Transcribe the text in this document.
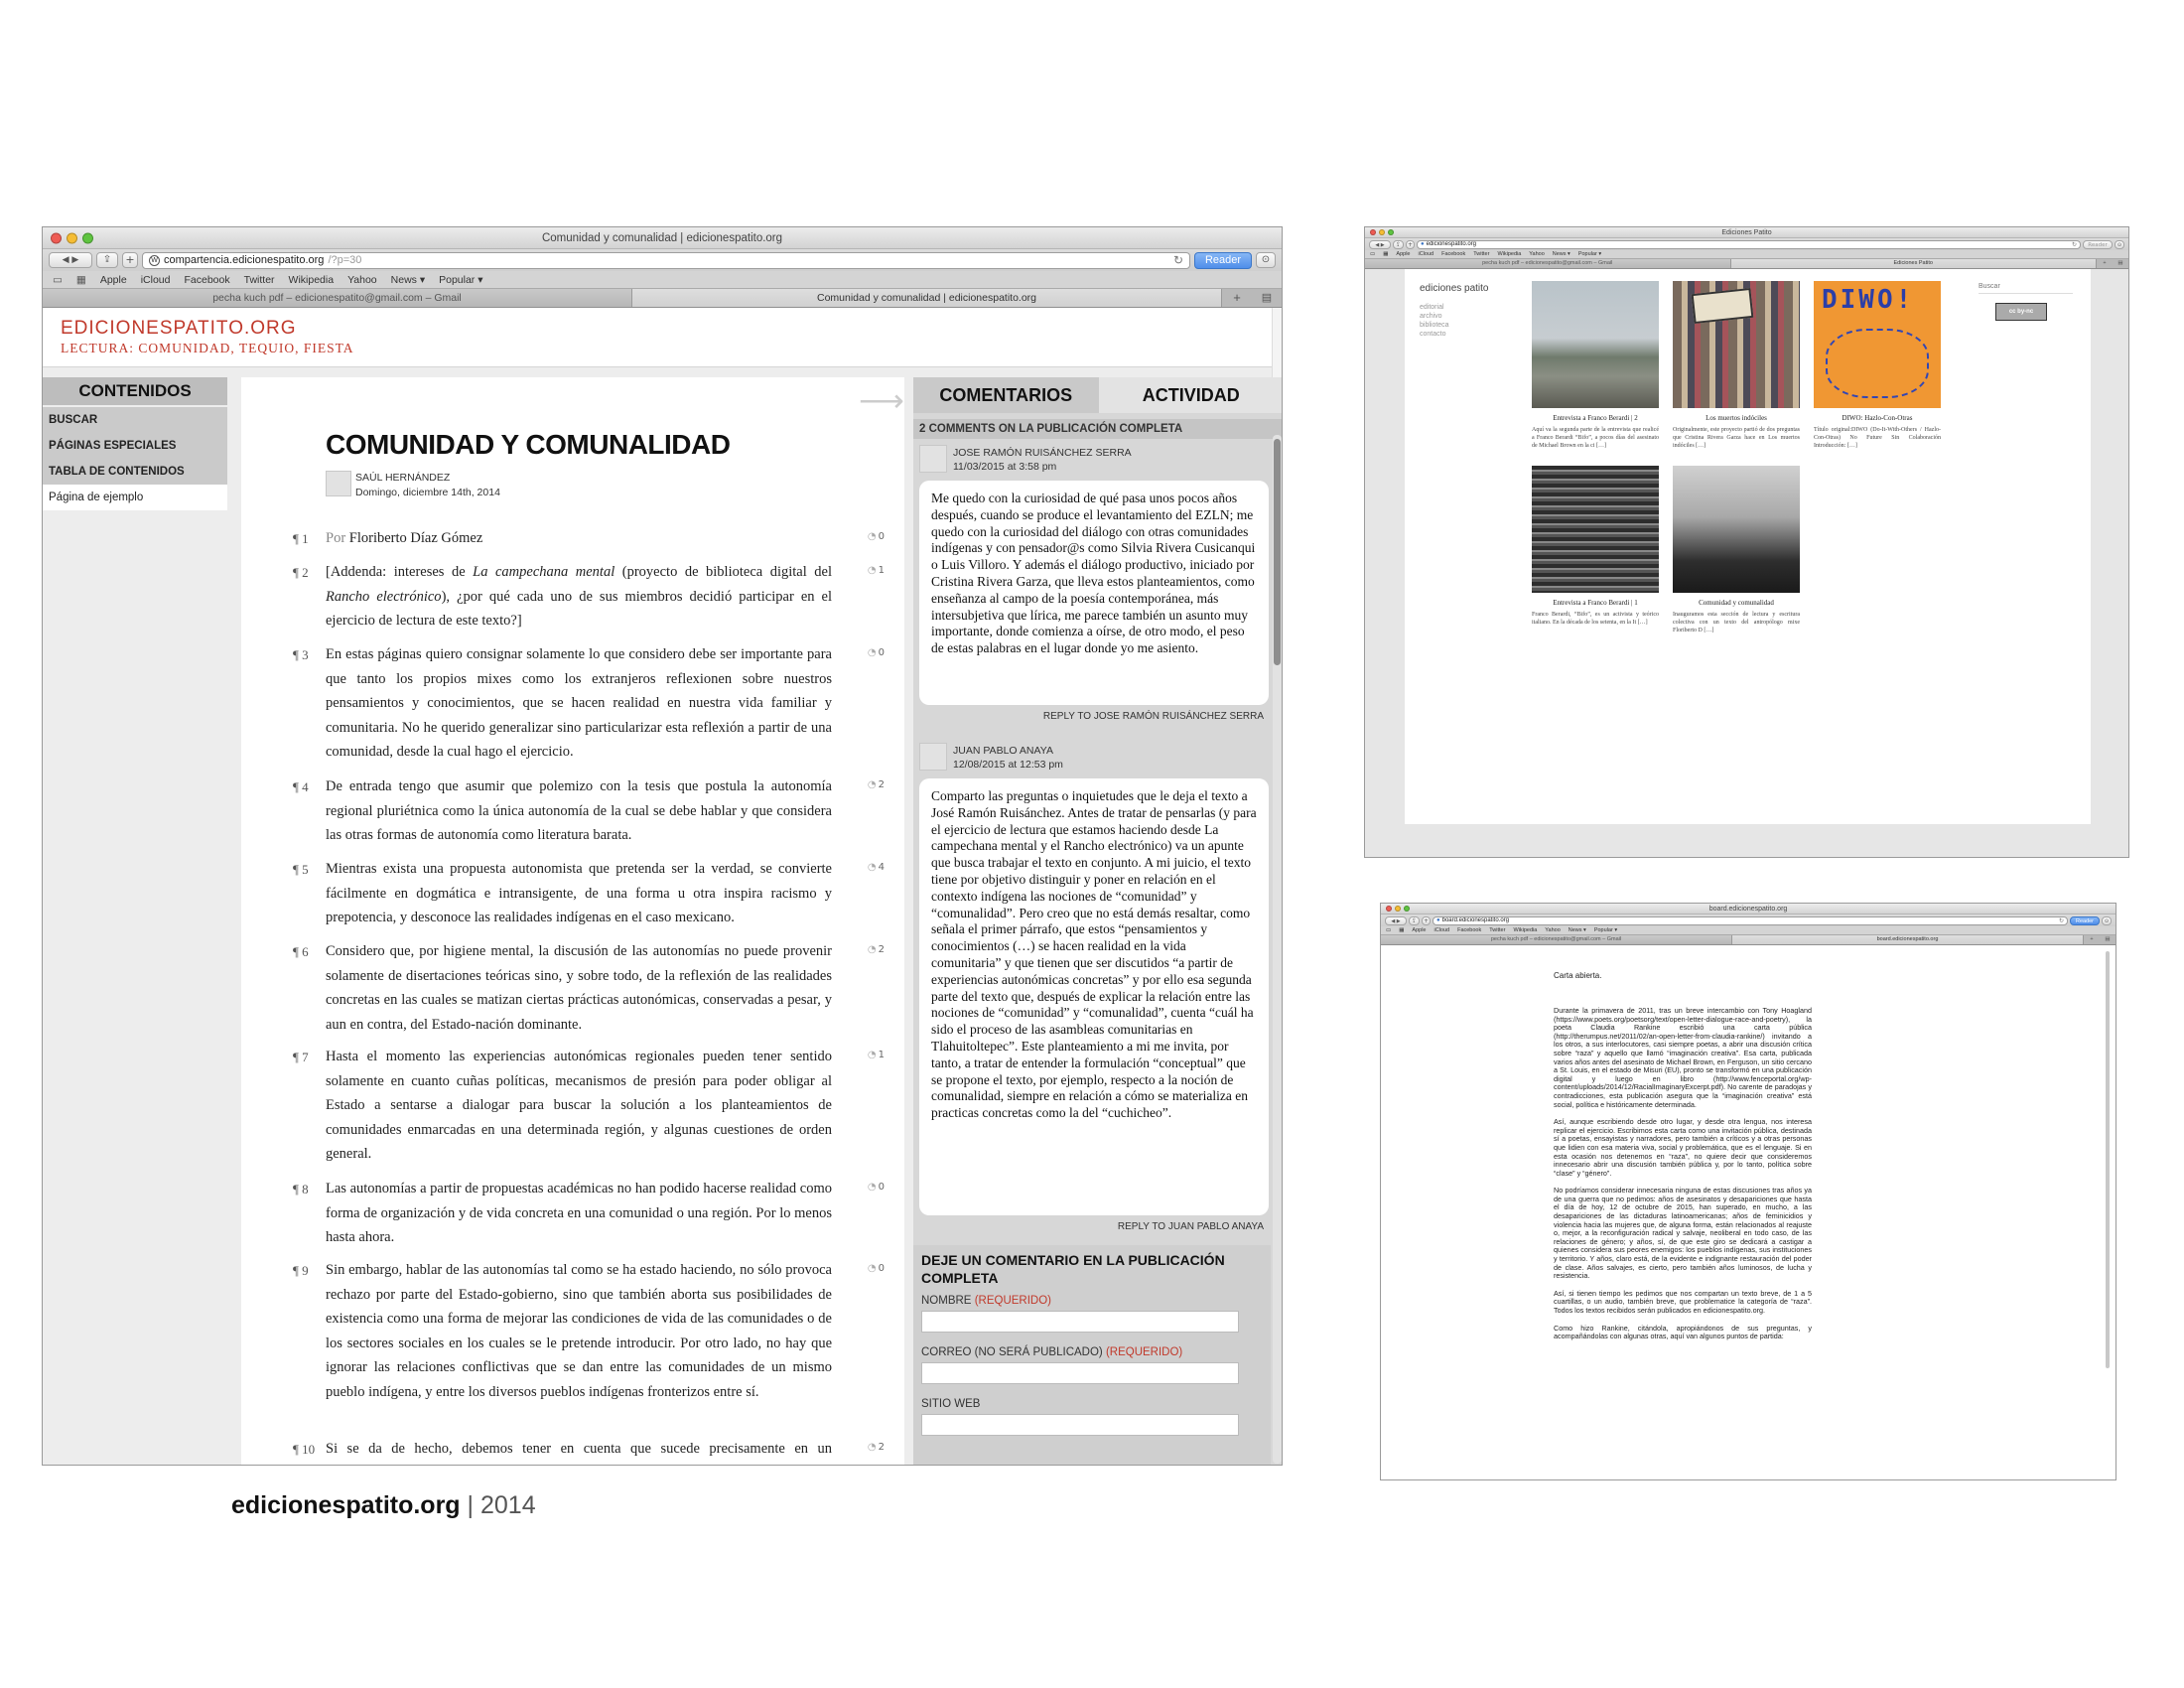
Comunidad y comunalidad | edicionespatito.org
◀ ▶	⇪	+	W compartencia.edicionespatito.org /?p=30	↻	Reader	⊙
▭ ▦ Apple iCloud Facebook Twitter Wikipedia Yahoo News ▾ Popular ▾
pecha kuch pdf – edicionespatito@gmail.com – Gmail	Comunidad y comunalidad | edicionespatito.org	+	▤
EDICIONESPATITO.ORG
LECTURA: COMUNIDAD, TEQUIO, FIESTA
CONTENIDOS
BUSCAR
PÁGINAS ESPECIALES
TABLA DE CONTENIDOS
Página de ejemplo
⟶
COMUNIDAD Y COMUNALIDAD
SAÚL HERNÁNDEZ
Domingo, diciembre 14th, 2014
¶ 1 Por Floriberto Díaz Gómez	◔ 0
¶ 2 [Addenda: intereses de La campechana mental (proyecto de biblioteca digital del Rancho electrónico), ¿por qué cada uno de sus miembros decidió participar en el ejercicio de lectura de este texto?]
◔ 1
¶ 3 En estas páginas quiero consignar solamente lo que considero debe ser importante para que tanto los propios mixes como los extranjeros reflexionen sobre nuestros pensamientos y conocimientos, que se hacen realidad en nuestra vida familiar y comunitaria. No he querido generalizar sino particularizar esta reflexión a partir de una comunidad, desde la cual hago el ejercicio.
◔ 0
¶ 4 De entrada tengo que asumir que polemizo con la tesis que postula la autonomía regional pluriétnica como la única autonomía de la cual se debe hablar y que considera las otras formas de autonomía como literatura barata.
◔ 2
¶ 5 Mientras exista una propuesta autonomista que pretenda ser la verdad, se convierte fácilmente en dogmática e intransigente, de una forma u otra inspira racismo y prepotencia, y desconoce las realidades indígenas en el caso mexicano.
◔ 4
¶ 6 Considero que, por higiene mental, la discusión de las autonomías no puede provenir solamente de disertaciones teóricas sino, y sobre todo, de la reflexión de las realidades concretas en las cuales se matizan ciertas prácticas autonómicas, conservadas a pesar, y aun en contra, del Estado-nación dominante.
◔ 2
¶ 7 Hasta el momento las experiencias autonómicas regionales pueden tener sentido solamente en cuanto cuñas políticas, mecanismos de presión para poder obligar al Estado a sentarse a dialogar para buscar la solución a los planteamientos de comunidades enmarcadas en una determinada región, y algunas cuestiones de orden general.
◔ 1
¶ 8 Las autonomías a partir de propuestas académicas no han podido hacerse realidad como forma de organización y de vida concreta en una comunidad o una región. Por lo menos hasta ahora.
◔ 0
¶ 9 Sin embargo, hablar de las autonomías tal como se ha estado haciendo, no sólo provoca rechazo por parte del Estado-gobierno, sino que también aborta sus posibilidades de existencia como una forma de mejorar las condiciones de vida de las comunidades o de los sectores sociales en los cuales se le pretende introducir. Por otro lado, no hay que ignorar las relaciones conflictivas que se dan entre las comunidades de un mismo pueblo indígena, y entre los diversos pueblos indígenas fronterizos entre sí.
◔ 0
¶ 10 Si se da de hecho, debemos tener en cuenta que sucede precisamente en un	◔ 2
COMENTARIOS	ACTIVIDAD
2 COMMENTS ON LA PUBLICACIÓN COMPLETA
JOSE RAMÓN RUISÁNCHEZ SERRA
11/03/2015 at 3:58 pm
Me quedo con la curiosidad de qué pasa unos pocos años después, cuando se produce el levantamiento del EZLN; me quedo con la curiosidad del diálogo con otras comunidades indígenas y con pensador@s como Silvia Rivera Cusicanqui o Luis Villoro. Y además el diálogo productivo, iniciado por Cristina Rivera Garza, que lleva estos planteamientos, como enseñanza al campo de la poesía contemporánea, más intersubjetiva que lírica, me parece también un asunto muy importante, donde comienza a oírse, de otro modo, el peso de estas palabras en el lugar donde yo me asiento.
REPLY TO JOSE RAMÓN RUISÁNCHEZ SERRA
JUAN PABLO ANAYA
12/08/2015 at 12:53 pm
Comparto las preguntas o inquietudes que le deja el texto a José Ramón Ruisánchez. Antes de tratar de pensarlas (y para el ejercicio de lectura que estamos haciendo desde La campechana mental y el Rancho electrónico) va un apunte que busca trabajar el texto en conjunto. A mi juicio, el texto tiene por objetivo distinguir y poner en relación en el contexto indígena las nociones de “comunidad” y “comunalidad”. Pero creo que no está demás resaltar, como señala el primer párrafo, que estos “pensamientos y conocimientos (…) se hacen realidad en la vida comunitaria” y que tienen que ser discutidos “a partir de experiencias autonómicas concretas” y por ello esa segunda parte del texto que, después de explicar la relación entre las nociones de “comunidad” y “comunalidad”, cuenta “cuál ha sido el proceso de las asambleas comunitarias en Tlahuitoltepec”. Este planteamiento a mi me invita, por tanto, a tratar de entender la formulación “conceptual” que se propone el texto, por ejemplo, respecto a la noción de comunalidad, siempre en relación a cómo se materializa en practicas concretas como la del “cuchicheo”.
REPLY TO JUAN PABLO ANAYA
DEJE UN COMENTARIO EN LA PUBLICACIÓN COMPLETA
NOMBRE (REQUERIDO)
CORREO (NO SERÁ PUBLICADO) (REQUERIDO)
SITIO WEB
Ediciones Patito
◀ ▶	⇪	+	● edicionespatito.org	↻	Reader	⊙
▭ ▦ Apple iCloud Facebook Twitter Wikipedia Yahoo News ▾ Popular ▾
pecha kuch pdf – edicionespatito@gmail.com – Gmail	Ediciones Patito	+	▤
ediciones patito
editorial
archivo
biblioteca
contacto
Buscar
cc by-nc
DIWO!
Entrevista a Franco Berardi | 2
Aquí va la segunda parte de la entrevista que realicé a Franco Berardi “Bifo”, a pocos días del asesinato de Michael Brown en la ci […]
Los muertos indóciles
Originalmente, este proyecto partió de dos preguntas que Cristina Rivera Garza hace en Los muertos indóciles […]
DIWO: Hazlo-Con-Otras
Título original:DIWO (Do-It-With-Others / Hazlo-Con-Otras) No Future Sin Colaboración Introducción: […]
Entrevista a Franco Berardi | 1
Franco Berardi, “Bifo”, es un activista y teórico italiano. En la década de los setenta, en la It […]
Comunidad y comunalidad
Inauguramos esta sección de lectura y escritura colectiva con un texto del antropólogo mixe Floriberto D […]
board.edicionespatito.org
◀ ▶	⇪	+	● board.edicionespatito.org	↻	Reader	⊙
▭ ▦ Apple iCloud Facebook Twitter Wikipedia Yahoo News ▾ Popular ▾
pecha kuch pdf – edicionespatito@gmail.com – Gmail	board.edicionespatito.org	+	▤
Carta abierta.

Durante la primavera de 2011, tras un breve intercambio con Tony Hoagland (https://www.poets.org/poetsorg/text/open-letter-dialogue-race-and-poetry), la poeta Claudia Rankine escribió una carta pública (http://therumpus.net/2011/02/an-open-letter-from-claudia-rankine/) invitando a los otros, a sus interlocutores, casi siempre poetas, a abrir una discusión crítica sobre “raza” y aquello que llamó “imaginación creativa”. Esa carta, publicada varios años antes del asesinato de Michael Brown, en Ferguson, un sitio cercano a St. Louis, en el estado de Misuri (EU), pronto se transformó en una publicación digital y luego en libro (http://www.fenceportal.org/wp-content/uploads/2014/12/RacialImaginaryExcerpt.pdf). No carente de paradojas y contradicciones, esta publicación asegura que la “imaginación creativa” está social, política e históricamente determinada.

Así, aunque escribiendo desde otro lugar, y desde otra lengua, nos interesa replicar el ejercicio. Escribimos esta carta como una invitación pública, destinada sí a poetas, ensayistas y narradores, pero también a críticos y a otras personas que lidien con esa materia viva, social y problemática, que es el lenguaje. Si en esta ocasión nos detenemos en “raza”, no quiere decir que consideremos innecesario abrir una discusión también pública y, por lo tanto, política sobre “clase” y “género”.

No podríamos considerar innecesaria ninguna de estas discusiones tras años ya de una guerra que no pedimos: años de asesinatos y desapariciones que hasta el día de hoy, 12 de octubre de 2015, han superado, en mucho, a las desapariciones de las dictaduras latinoamericanas; años de feminicidios y violencia hacia las mujeres que, de alguna forma, están relacionados al reajuste o, mejor, a la reconfiguración radical y salvaje, neoliberal en todo caso, de las relaciones de género; y años, sí, de que este giro se dedicará a castigar a quienes considera sus peores enemigos: los pueblos indígenas, sus instituciones y territorio. Y años, claro está, de la evidente e indignante restauración del poder de clase. Años salvajes, es cierto, pero también años luminosos, de lucha y resistencia.

Así, si tienen tiempo les pedimos que nos compartan un texto breve, de 1 a 5 cuartillas, o un audio, también breve, que problematice la categoría de “raza”. Todos los textos recibidos serán publicados en edicionespatito.org.

Como hizo Rankine, citándola, apropiándonos de sus preguntas, y acompañándolas con algunas otras, aquí van algunos puntos de partida:

edicionespatito.org | 2014
